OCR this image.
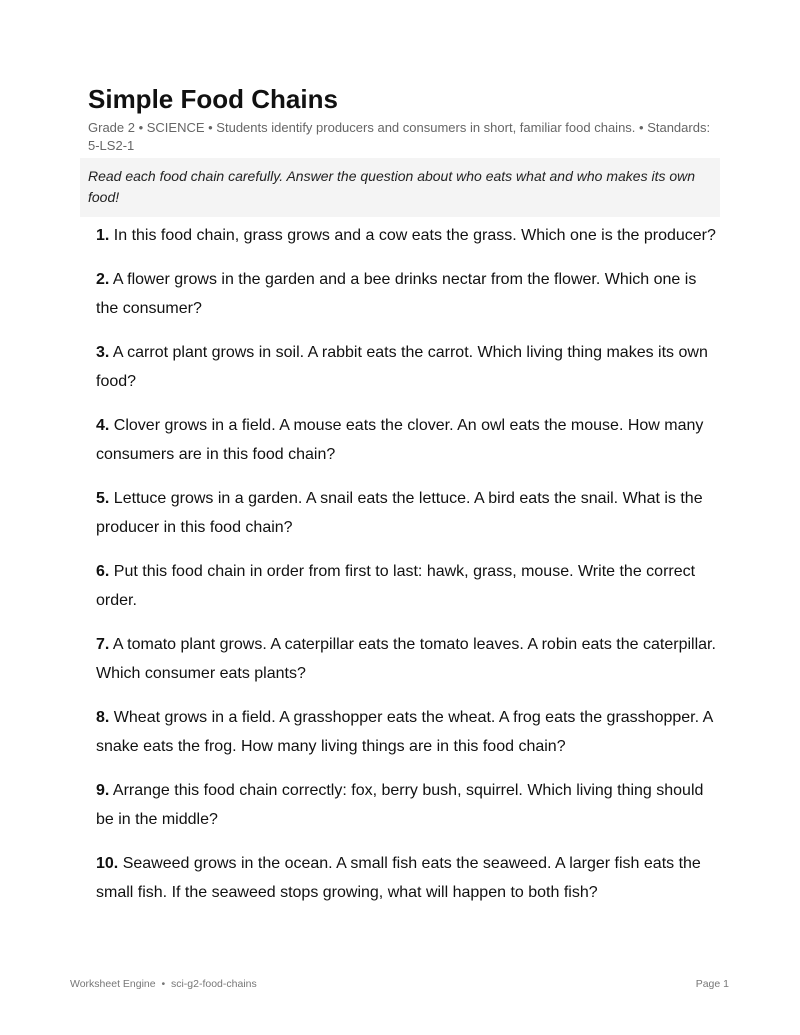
Simple Food Chains
Grade 2 • SCIENCE • Students identify producers and consumers in short, familiar food chains. • Standards: 5-LS2-1
Read each food chain carefully. Answer the question about who eats what and who makes its own food!
1. In this food chain, grass grows and a cow eats the grass. Which one is the producer?
2. A flower grows in the garden and a bee drinks nectar from the flower. Which one is the consumer?
3. A carrot plant grows in soil. A rabbit eats the carrot. Which living thing makes its own food?
4. Clover grows in a field. A mouse eats the clover. An owl eats the mouse. How many consumers are in this food chain?
5. Lettuce grows in a garden. A snail eats the lettuce. A bird eats the snail. What is the producer in this food chain?
6. Put this food chain in order from first to last: hawk, grass, mouse. Write the correct order.
7. A tomato plant grows. A caterpillar eats the tomato leaves. A robin eats the caterpillar. Which consumer eats plants?
8. Wheat grows in a field. A grasshopper eats the wheat. A frog eats the grasshopper. A snake eats the frog. How many living things are in this food chain?
9. Arrange this food chain correctly: fox, berry bush, squirrel. Which living thing should be in the middle?
10. Seaweed grows in the ocean. A small fish eats the seaweed. A larger fish eats the small fish. If the seaweed stops growing, what will happen to both fish?
Worksheet Engine  •  sci-g2-food-chains	Page 1
